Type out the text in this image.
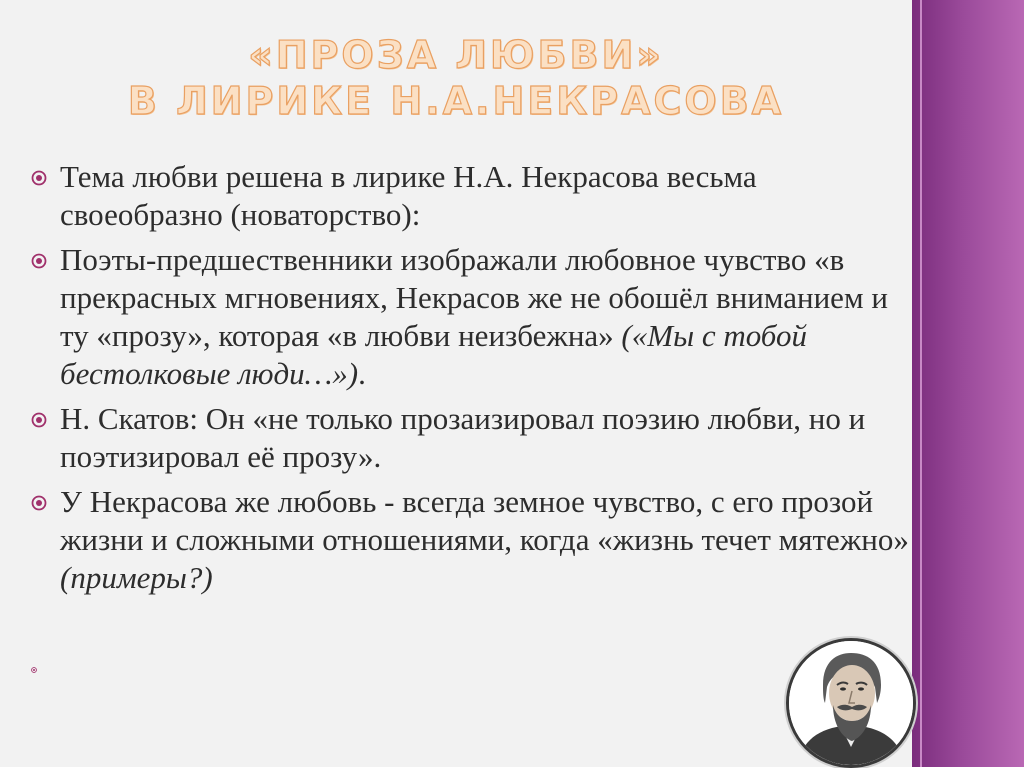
«ПРОЗА ЛЮБВИ»
В ЛИРИКЕ Н.А.НЕКРАСОВА
Тема любви решена в лирике Н.А. Некрасова весьма своеобразно (новаторство):
Поэты-предшественники изображали любовное чувство «в прекрасных мгновениях, Некрасов же не обошёл вниманием и ту «прозу», которая «в любви неизбежна» («Мы с тобой бестолковые люди…»).
Н. Скатов: Он «не только прозаизировал поэзию любви, но и поэтизировал её прозу».
У Некрасова же любовь - всегда земное чувство, с его прозой жизни и сложными отношениями, когда «жизнь течет мятежно» (примеры?)
